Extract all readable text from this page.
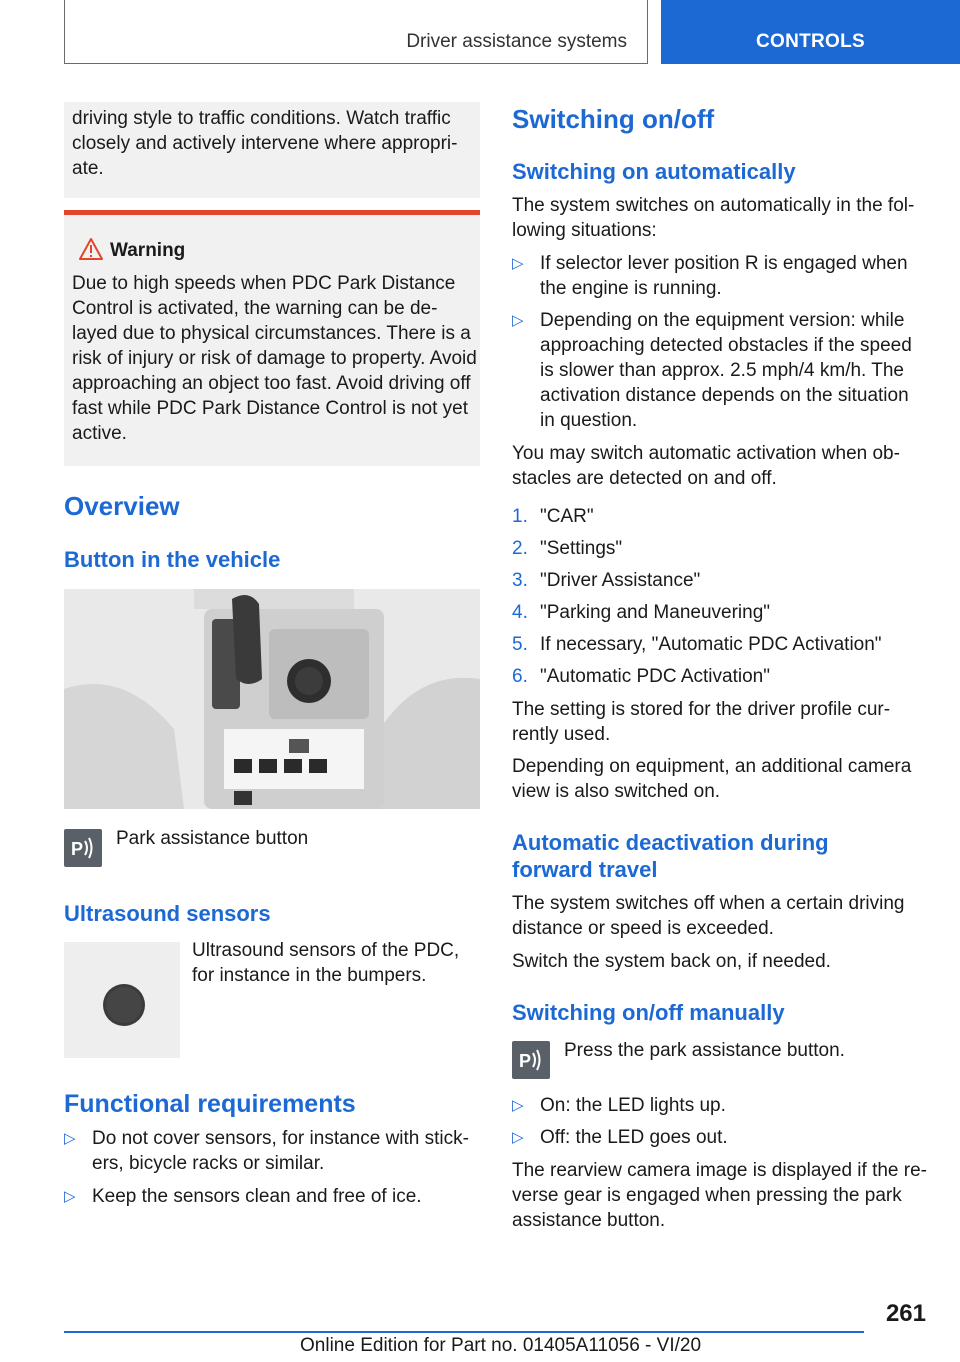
Driver assistance systems	CONTROLS

driving style to traffic conditions. Watch traffic closely and actively intervene where appropri-ate.

Warning

Due to high speeds when PDC Park Distance Control is activated, the warning can be de-layed due to physical circumstances. There is a risk of injury or risk of damage to property. Avoid approaching an object too fast. Avoid driving off fast while PDC Park Distance Control is not yet active.

Overview
Button in the vehicle
P Park assistance button

Ultrasound sensors

Ultrasound sensors of the PDC, for instance in the bumpers.

Functional requirements
▷ Do not cover sensors, for instance with stick-ers, bicycle racks or similar.
▷ Keep the sensors clean and free of ice.
Switching on/off
Switching on automatically

The system switches on automatically in the fol-lowing situations:

▷ If selector lever position R is engaged when the engine is running.
▷ Depending on the equipment version: while approaching detected obstacles if the speed is slower than approx. 2.5 mph/4 km/h. The activation distance depends on the situation in question.

You may switch automatic activation when ob-stacles are detected on and off.

1. "CAR"
2. "Settings"
3. "Driver Assistance"
4. "Parking and Maneuvering"
5. If necessary, "Automatic PDC Activation"
6. "Automatic PDC Activation"

The setting is stored for the driver profile cur-rently used.

Depending on equipment, an additional camera view is also switched on.

Automatic deactivation during forward travel

The system switches off when a certain driving distance or speed is exceeded.

Switch the system back on, if needed.

Switching on/off manually
P Press the park assistance button.

▷ On: the LED lights up.
▷ Off: the LED goes out.

The rearview camera image is displayed if the re-verse gear is engaged when pressing the park assistance button.

261
Online Edition for Part no. 01405A11056 - VI/20
